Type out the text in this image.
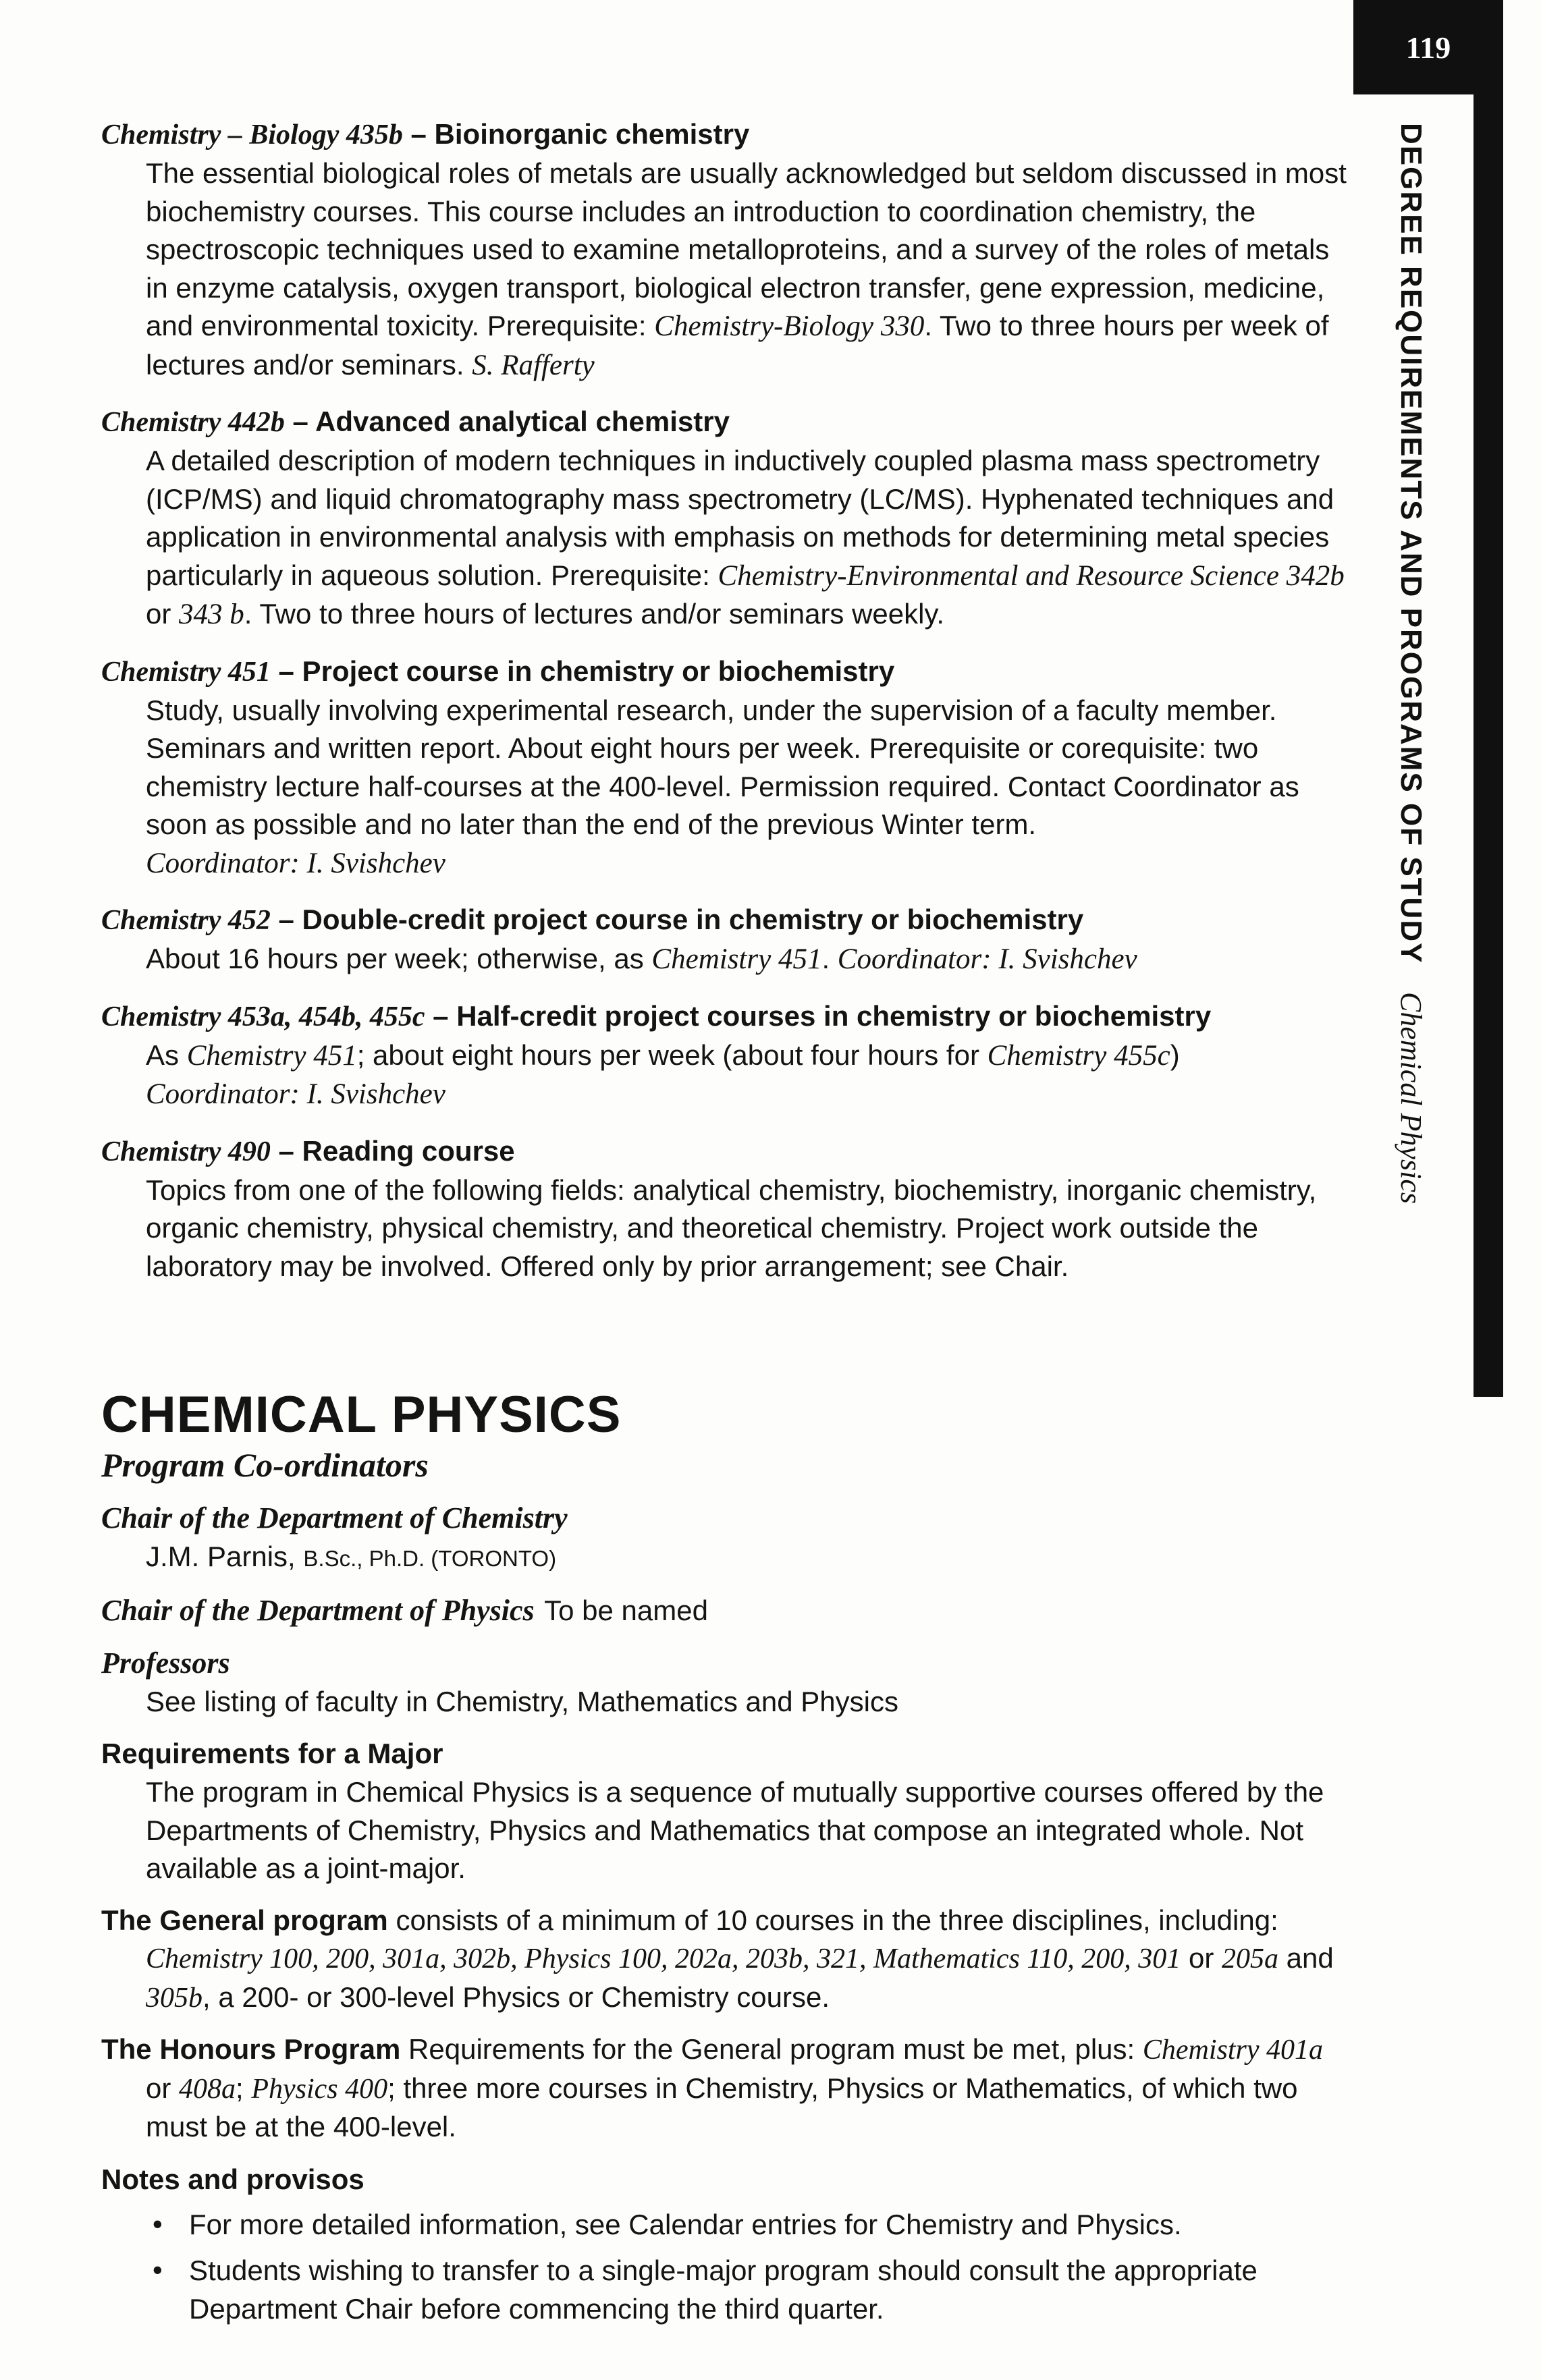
119
DEGREE REQUIREMENTS AND PROGRAMS OF STUDYChemical Physics
Chemistry – Biology 435b – Bioinorganic chemistry
The essential biological roles of metals are usually acknowledged but seldom discussed in most biochemistry courses. This course includes an introduction to coordination chemistry, the spectroscopic techniques used to examine metalloproteins, and a survey of the roles of metals in enzyme catalysis, oxygen transport, biological electron transfer, gene expression, medicine, and environmental toxicity. Prerequisite: Chemistry-Biology 330. Two to three hours per week of lectures and/or seminars. S. Rafferty
Chemistry 442b – Advanced analytical chemistry
A detailed description of modern techniques in inductively coupled plasma mass spectrometry (ICP/MS) and liquid chromatography mass spectrometry (LC/MS). Hyphenated techniques and application in environmental analysis with emphasis on methods for determining metal species particularly in aqueous solution. Prerequisite: Chemistry-Environmental and Resource Science 342b or 343 b. Two to three hours of lectures and/or seminars weekly.
Chemistry 451 – Project course in chemistry or biochemistry
Study, usually involving experimental research, under the supervision of a faculty member. Seminars and written report. About eight hours per week. Prerequisite or corequisite: two chemistry lecture half-courses at the 400-level. Permission required. Contact Coordinator as soon as possible and no later than the end of the previous Winter term.
Coordinator: I. Svishchev
Chemistry 452 – Double-credit project course in chemistry or biochemistry
About 16 hours per week; otherwise, as Chemistry 451. Coordinator: I. Svishchev
Chemistry 453a, 454b, 455c – Half-credit project courses in chemistry or biochemistry
As Chemistry 451; about eight hours per week (about four hours for Chemistry 455c)
Coordinator: I. Svishchev
Chemistry 490 – Reading course
Topics from one of the following fields: analytical chemistry, biochemistry, inorganic chemistry, organic chemistry, physical chemistry, and theoretical chemistry. Project work outside the laboratory may be involved. Offered only by prior arrangement; see Chair.
CHEMICAL PHYSICS
Program Co-ordinators
Chair of the Department of Chemistry
J.M. Parnis, B.Sc., Ph.D. (TORONTO)
Chair of the Department of Physics To be named
Professors
See listing of faculty in Chemistry, Mathematics and Physics
Requirements for a Major
The program in Chemical Physics is a sequence of mutually supportive courses offered by the Departments of Chemistry, Physics and Mathematics that compose an integrated whole. Not available as a joint-major.
The General program consists of a minimum of 10 courses in the three disciplines, including: Chemistry 100, 200, 301a, 302b, Physics 100, 202a, 203b, 321, Mathematics 110, 200, 301 or 205a and 305b, a 200- or 300-level Physics or Chemistry course.
The Honours Program Requirements for the General program must be met, plus: Chemistry 401a or 408a; Physics 400; three more courses in Chemistry, Physics or Mathematics, of which two must be at the 400-level.
Notes and provisos
• For more detailed information, see Calendar entries for Chemistry and Physics.
• Students wishing to transfer to a single-major program should consult the appropriate Department Chair before commencing the third quarter.
